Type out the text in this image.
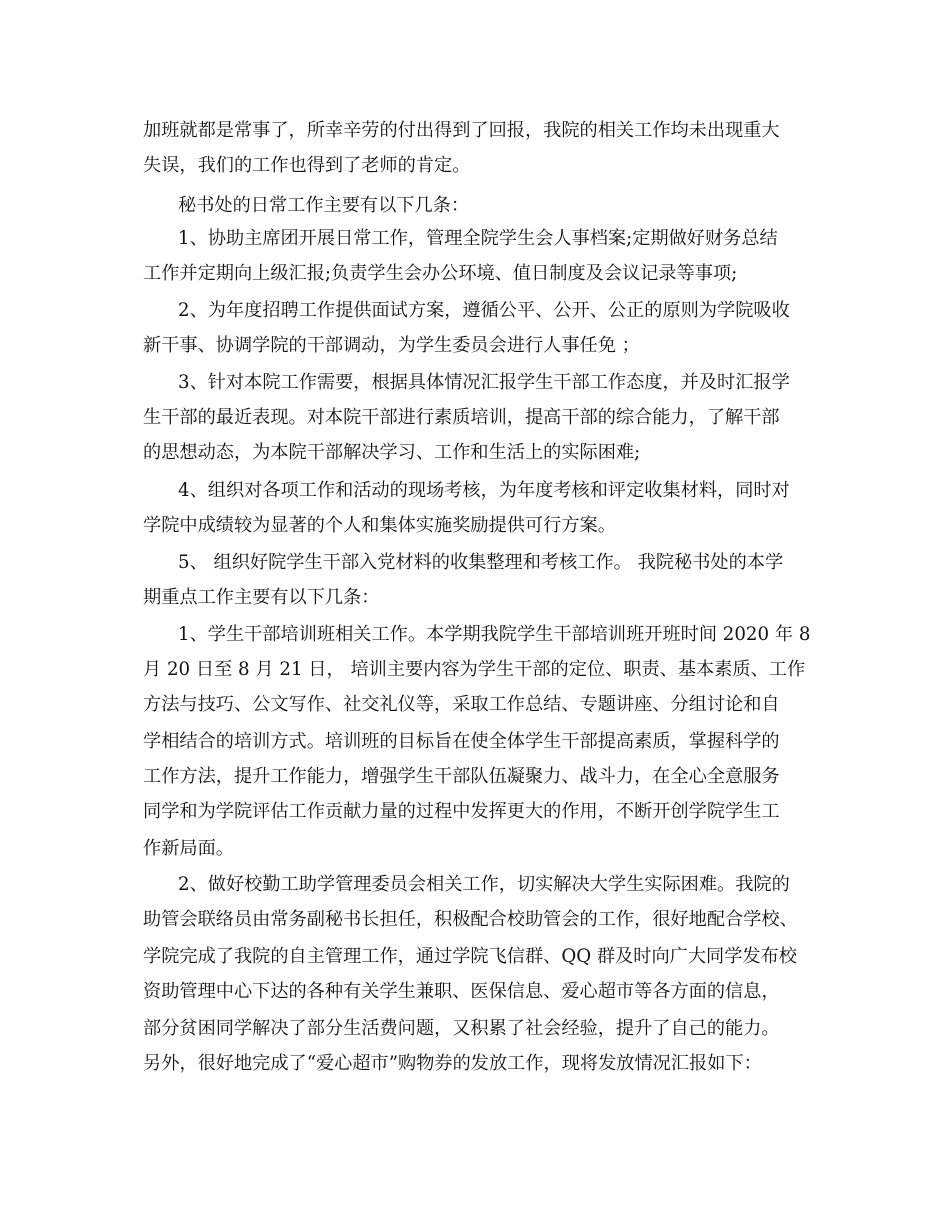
加班就都是常事了，所幸辛劳的付出得到了回报，我院的相关工作均未出现重大
失误，我们的工作也得到了老师的肯定。
秘书处的日常工作主要有以下几条：
1、协助主席团开展日常工作，管理全院学生会人事档案;定期做好财务总结
工作并定期向上级汇报;负责学生会办公环境、值日制度及会议记录等事项;
2、为年度招聘工作提供面试方案，遵循公平、公开、公正的原则为学院吸收
新干事、协调学院的干部调动，为学生委员会进行人事任免 ；
3、针对本院工作需要，根据具体情况汇报学生干部工作态度，并及时汇报学
生干部的最近表现。对本院干部进行素质培训，提高干部的综合能力，了解干部
的思想动态，为本院干部解决学习、工作和生活上的实际困难;
4、组织对各项工作和活动的现场考核，为年度考核和评定收集材料，同时对
学院中成绩较为显著的个人和集体实施奖励提供可行方案。
5、 组织好院学生干部入党材料的收集整理和考核工作。 我院秘书处的本学
期重点工作主要有以下几条：
1、学生干部培训班相关工作。本学期我院学生干部培训班开班时间 2020 年 8
月 20 日至 8 月 21 日， 培训主要内容为学生干部的定位、职责、基本素质、工作
方法与技巧、公文写作、社交礼仪等，采取工作总结、专题讲座、分组讨论和自
学相结合的培训方式。培训班的目标旨在使全体学生干部提高素质，掌握科学的
工作方法，提升工作能力，增强学生干部队伍凝聚力、战斗力，在全心全意服务
同学和为学院评估工作贡献力量的过程中发挥更大的作用，不断开创学院学生工
作新局面。
2、做好校勤工助学管理委员会相关工作，切实解决大学生实际困难。我院的
助管会联络员由常务副秘书长担任，积极配合校助管会的工作，很好地配合学校、
学院完成了我院的自主管理工作，通过学院飞信群、QQ 群及时向广大同学发布校
资助管理中心下达的各种有关学生兼职、医保信息、爱心超市等各方面的信息，
部分贫困同学解决了部分生活费问题，又积累了社会经验，提升了自己的能力。
另外，很好地完成了“爱心超市”购物券的发放工作，现将发放情况汇报如下：
